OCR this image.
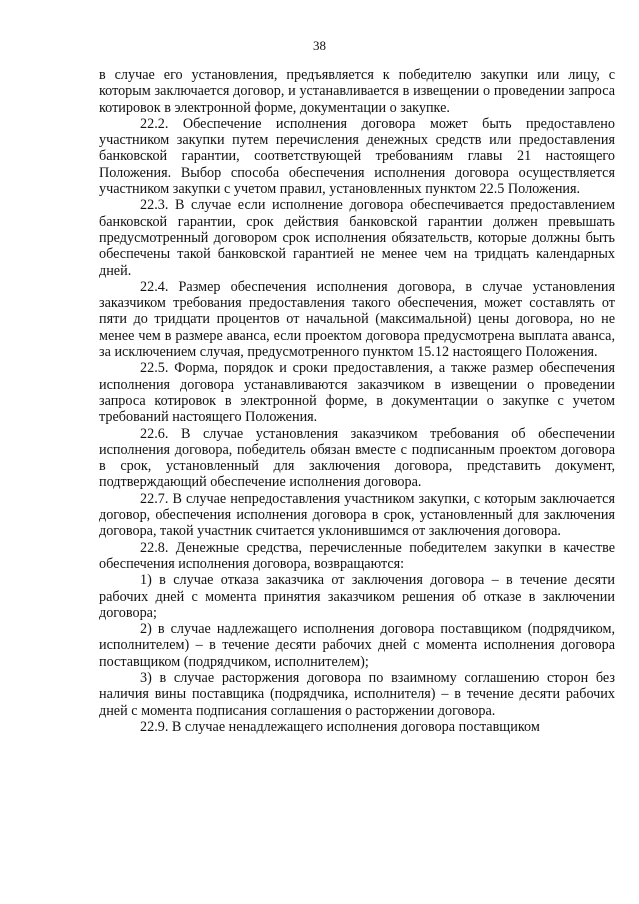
38

в случае его установления, предъявляется к победителю закупки или лицу, с которым заключается договор, и устанавливается в извещении о проведении запроса котировок в электронной форме, документации о закупке.

22.2. Обеспечение исполнения договора может быть предоставлено участником закупки путем перечисления денежных средств или предоставления банковской гарантии, соответствующей требованиям главы 21 настоящего Положения. Выбор способа обеспечения исполнения договора осуществляется участником закупки с учетом правил, установленных пунктом 22.5 Положения.

22.3. В случае если исполнение договора обеспечивается предоставлением банковской гарантии, срок действия банковской гарантии должен превышать предусмотренный договором срок исполнения обязательств, которые должны быть обеспечены такой банковской гарантией не менее чем на тридцать календарных дней.

22.4. Размер обеспечения исполнения договора, в случае установления заказчиком требования предоставления такого обеспечения, может составлять от пяти до тридцати процентов от начальной (максимальной) цены договора, но не менее чем в размере аванса, если проектом договора предусмотрена выплата аванса, за исключением случая, предусмотренного пунктом 15.12 настоящего Положения.

22.5. Форма, порядок и сроки предоставления, а также размер обеспечения исполнения договора устанавливаются заказчиком в извещении о проведении запроса котировок в электронной форме, в документации о закупке с учетом требований настоящего Положения.

22.6. В случае установления заказчиком требования об обеспечении исполнения договора, победитель обязан вместе с подписанным проектом договора в срок, установленный для заключения договора, представить документ, подтверждающий обеспечение исполнения договора.

22.7. В случае непредоставления участником закупки, с которым заключается договор, обеспечения исполнения договора в срок, установленный для заключения договора, такой участник считается уклонившимся от заключения договора.

22.8. Денежные средства, перечисленные победителем закупки в качестве обеспечения исполнения договора, возвращаются:

1) в случае отказа заказчика от заключения договора – в течение десяти рабочих дней с момента принятия заказчиком решения об отказе в заключении договора;

2) в случае надлежащего исполнения договора поставщиком (подрядчиком, исполнителем) – в течение десяти рабочих дней с момента исполнения договора поставщиком (подрядчиком, исполнителем);

3) в случае расторжения договора по взаимному соглашению сторон без наличия вины поставщика (подрядчика, исполнителя) – в течение десяти рабочих дней с момента подписания соглашения о расторжении договора.

22.9. В случае ненадлежащего исполнения договора поставщиком
